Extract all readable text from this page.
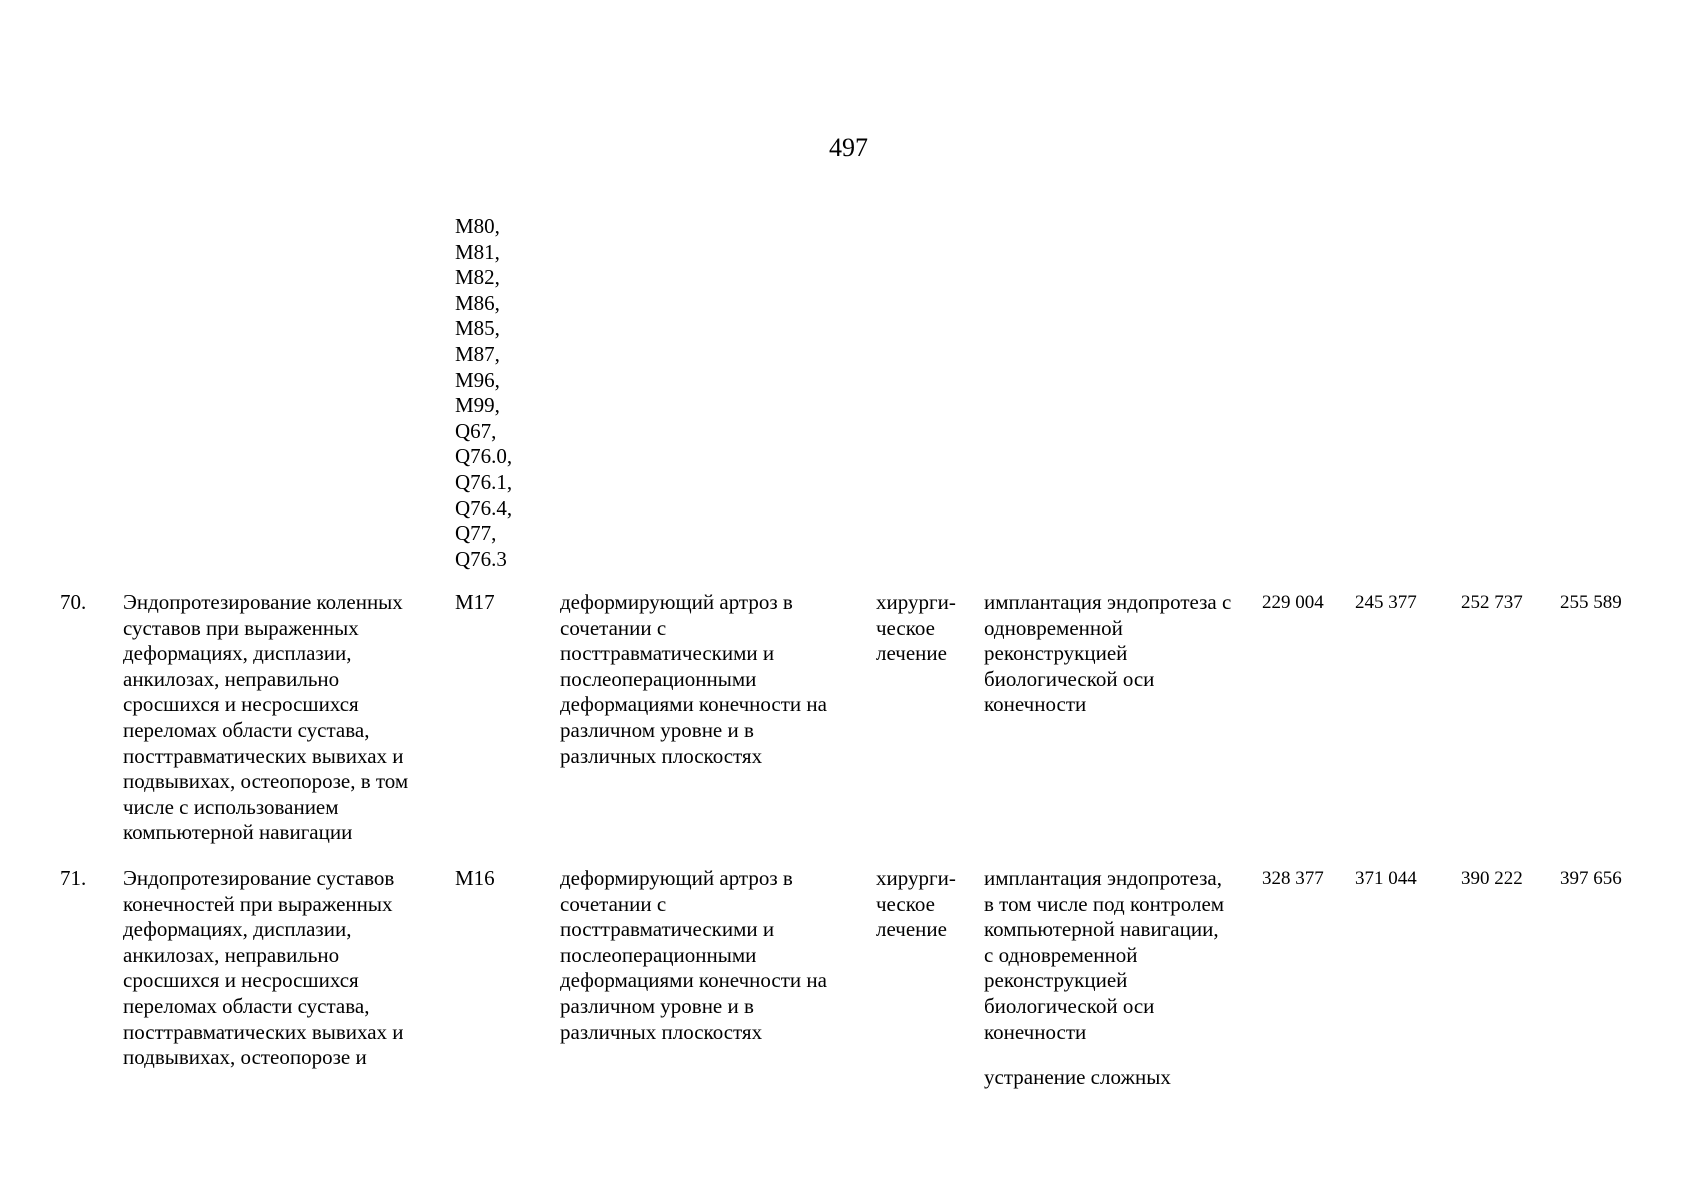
497
M80,
M81,
M82,
M86,
M85,
M87,
M96,
M99,
Q67,
Q76.0,
Q76.1,
Q76.4,
Q77,
Q76.3
70. Эндопротезирование коленных
суставов при выраженных
деформациях, дисплазии,
анкилозах, неправильно
сросшихся и несросшихся
переломах области сустава,
посттравматических вывихах и
подвывихах, остеопорозе, в том
числе с использованием
компьютерной навигации
M17	деформирующий артроз в
сочетании с
посттравматическими и
послеоперационными
деформациями конечности на
различном уровне и в
различных плоскостях
хирурги-
ческое
лечение
имплантация эндопротеза с
одновременной
реконструкцией
биологической оси
конечности
229 004 245 377 252 737 255 589
71. Эндопротезирование суставов
конечностей при выраженных
деформациях, дисплазии,
анкилозах, неправильно
сросшихся и несросшихся
переломах области сустава,
посттравматических вывихах и
подвывихах, остеопорозе и
M16	деформирующий артроз в
сочетании с
посттравматическими и
послеоперационными
деформациями конечности на
различном уровне и в
различных плоскостях
хирурги-
ческое
лечение
имплантация эндопротеза,
в том числе под контролем
компьютерной навигации,
с одновременной
реконструкцией
биологической оси
конечности
устранение сложных
328 377 371 044 390 222 397 656
